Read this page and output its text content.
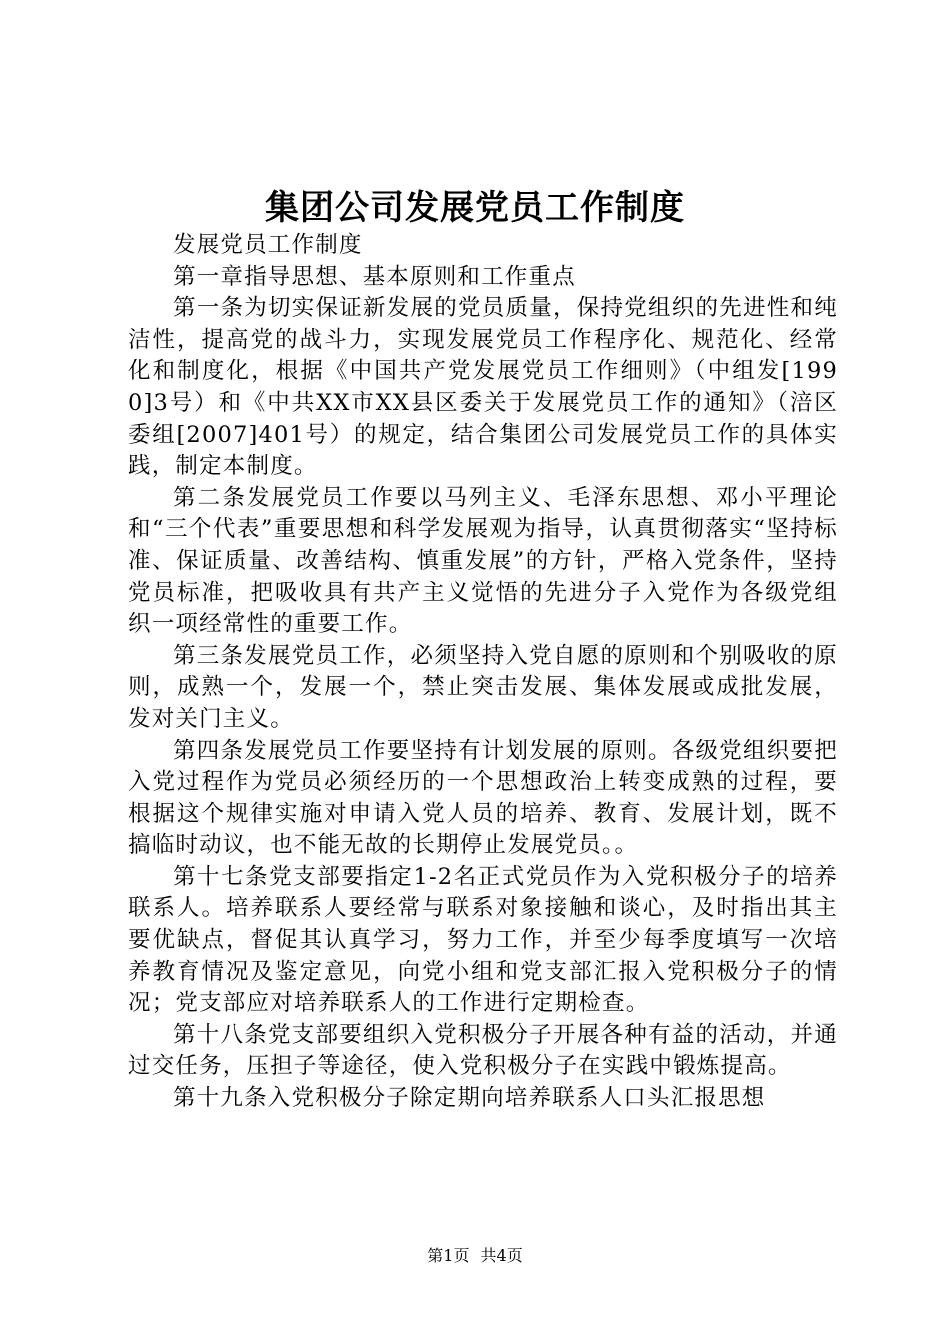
集团公司发展党员工作制度

发展党员工作制度

第一章指导思想、基本原则和工作重点

第一条为切实保证新发展的党员质量，保持党组织的先进性和纯洁性，提高党的战斗力，实现发展党员工作程序化、规范化、经常化和制度化，根据《中国共产党发展党员工作细则》（中组发[1990]3号）和《中共XX市XX县区委关于发展党员工作的通知》（涪区委组[2007]401号）的规定，结合集团公司发展党员工作的具体实践，制定本制度。

第二条发展党员工作要以马列主义、毛泽东思想、邓小平理论和“三个代表”重要思想和科学发展观为指导，认真贯彻落实“坚持标准、保证质量、改善结构、慎重发展”的方针，严格入党条件，坚持党员标准，把吸收具有共产主义觉悟的先进分子入党作为各级党组织一项经常性的重要工作。

第三条发展党员工作，必须坚持入党自愿的原则和个别吸收的原则，成熟一个，发展一个，禁止突击发展、集体发展或成批发展，发对关门主义。

第四条发展党员工作要坚持有计划发展的原则。各级党组织要把入党过程作为党员必须经历的一个思想政治上转变成熟的过程，要根据这个规律实施对申请入党人员的培养、教育、发展计划，既不搞临时动议，也不能无故的长期停止发展党员。。

第十七条党支部要指定1-2名正式党员作为入党积极分子的培养联系人。培养联系人要经常与联系对象接触和谈心，及时指出其主要优缺点，督促其认真学习，努力工作，并至少每季度填写一次培养教育情况及鉴定意见，向党小组和党支部汇报入党积极分子的情况；党支部应对培养联系人的工作进行定期检查。

第十八条党支部要组织入党积极分子开展各种有益的活动，并通过交任务，压担子等途径，使入党积极分子在实践中锻炼提高。

第十九条入党积极分子除定期向培养联系人口头汇报思想

第1页 共4页
